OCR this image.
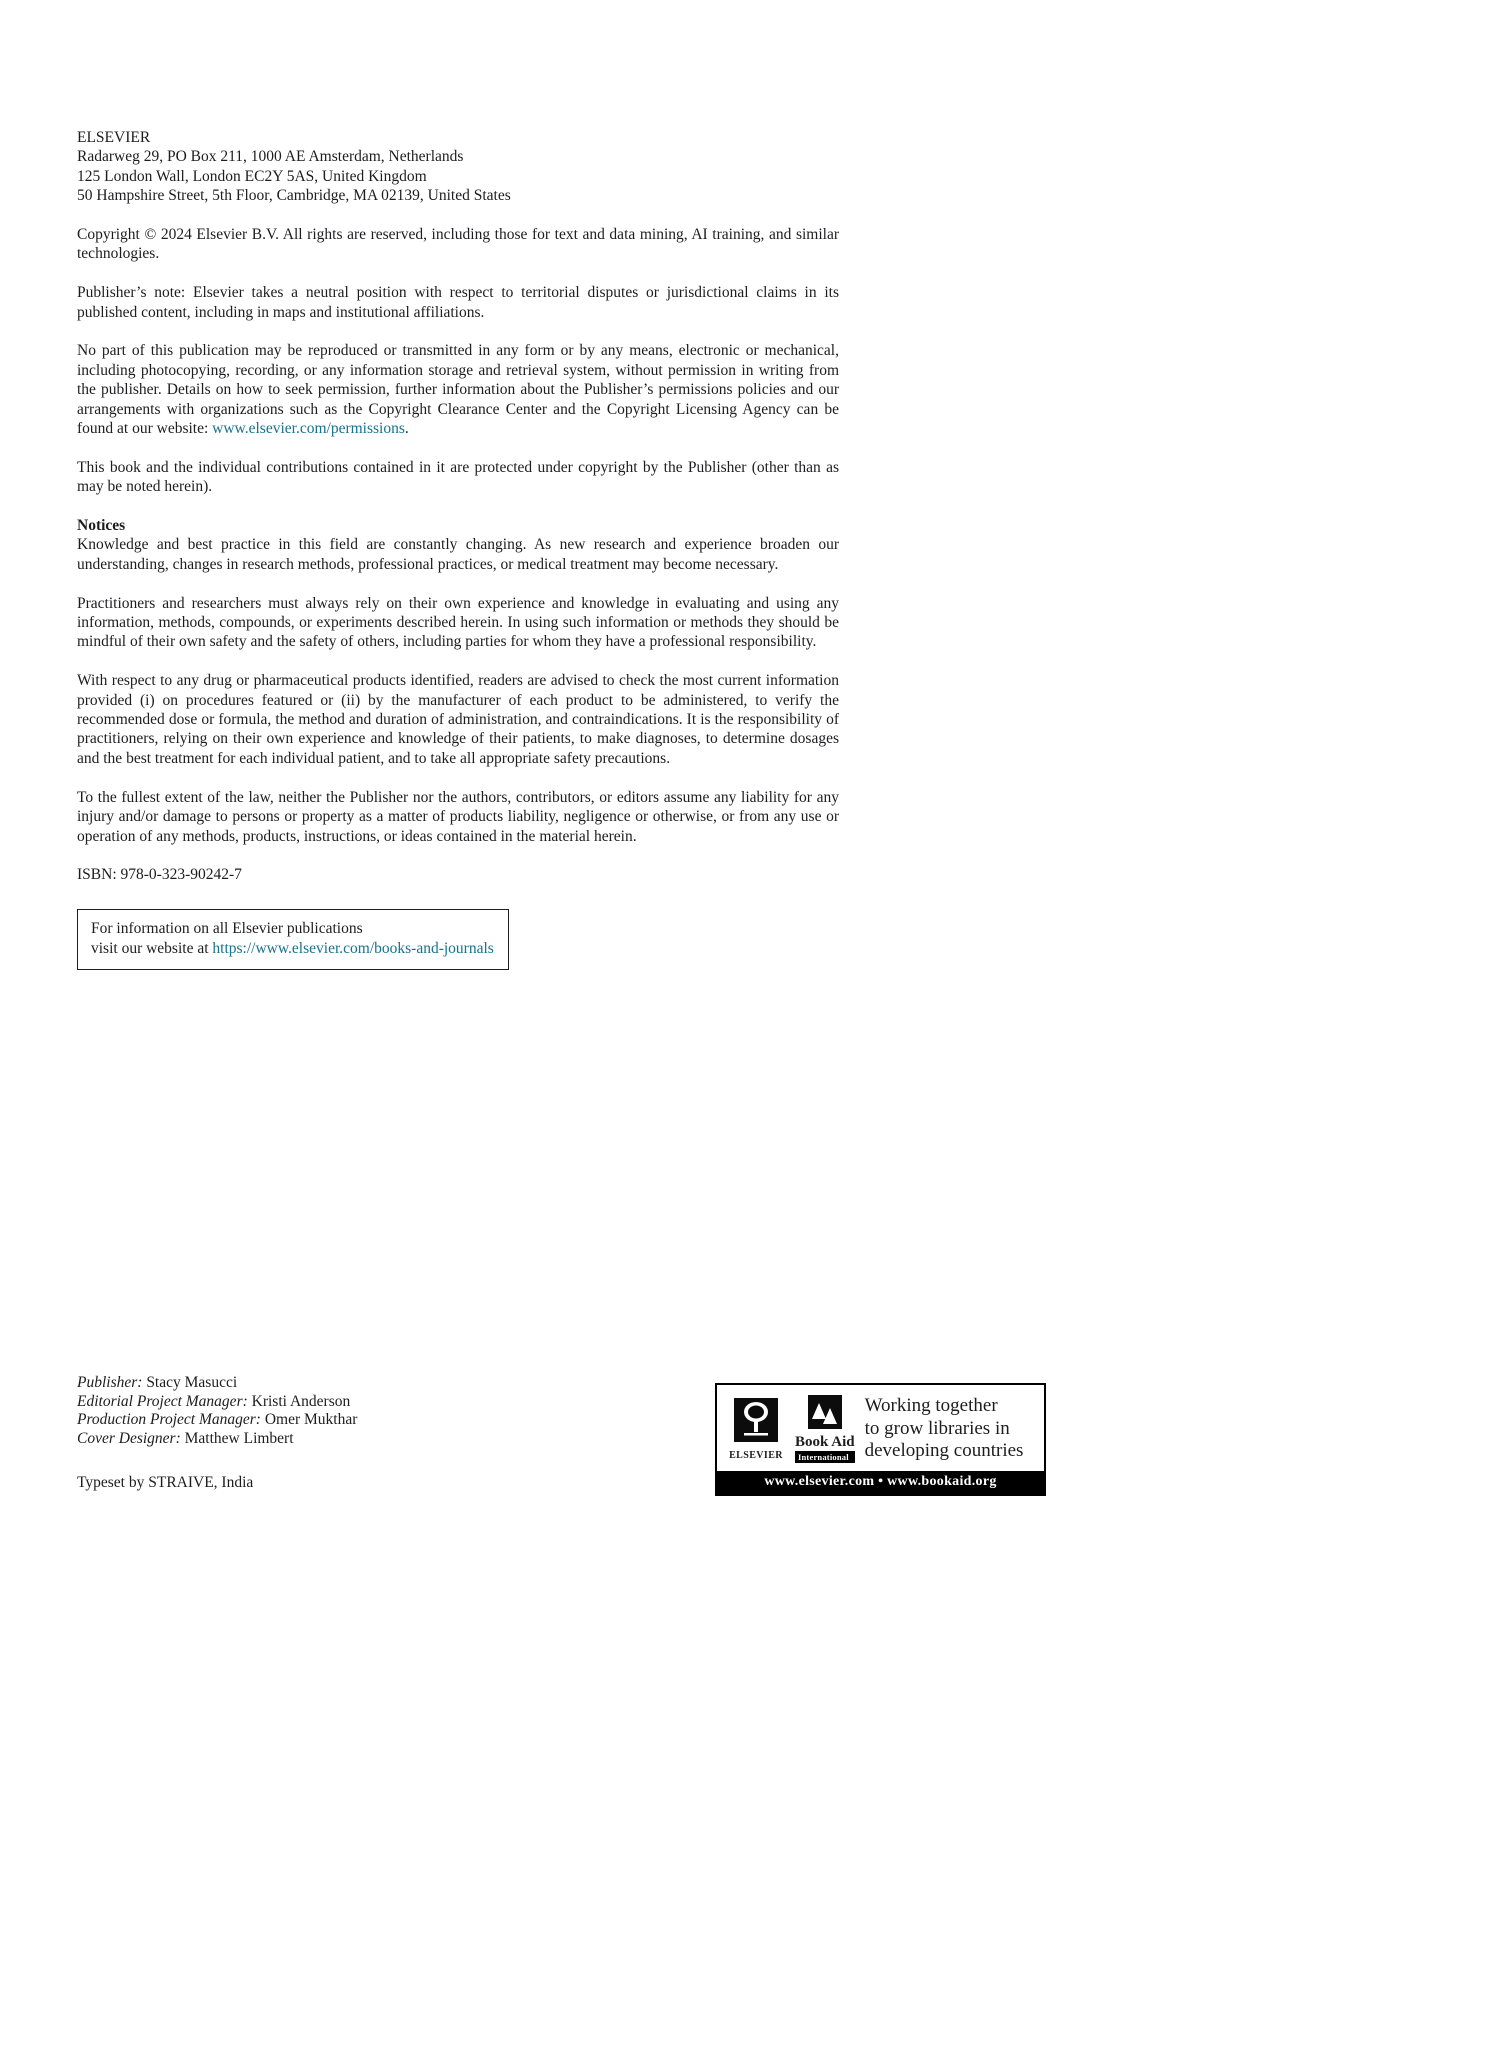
ELSEVIER
Radarweg 29, PO Box 211, 1000 AE Amsterdam, Netherlands
125 London Wall, London EC2Y 5AS, United Kingdom
50 Hampshire Street, 5th Floor, Cambridge, MA 02139, United States

Copyright © 2024 Elsevier B.V. All rights are reserved, including those for text and data mining, AI training, and similar technologies.

Publisher’s note: Elsevier takes a neutral position with respect to territorial disputes or jurisdictional claims in its published content, including in maps and institutional affiliations.

No part of this publication may be reproduced or transmitted in any form or by any means, electronic or mechanical, including photocopying, recording, or any information storage and retrieval system, without permission in writing from the publisher. Details on how to seek permission, further information about the Publisher’s permissions policies and our arrangements with organizations such as the Copyright Clearance Center and the Copyright Licensing Agency can be found at our website: www.elsevier.com/permissions.

This book and the individual contributions contained in it are protected under copyright by the Publisher (other than as may be noted herein).

Notices

Knowledge and best practice in this field are constantly changing. As new research and experience broaden our understanding, changes in research methods, professional practices, or medical treatment may become necessary.

Practitioners and researchers must always rely on their own experience and knowledge in evaluating and using any information, methods, compounds, or experiments described herein. In using such information or methods they should be mindful of their own safety and the safety of others, including parties for whom they have a professional responsibility.

With respect to any drug or pharmaceutical products identified, readers are advised to check the most current information provided (i) on procedures featured or (ii) by the manufacturer of each product to be administered, to verify the recommended dose or formula, the method and duration of administration, and contraindications. It is the responsibility of practitioners, relying on their own experience and knowledge of their patients, to make diagnoses, to determine dosages and the best treatment for each individual patient, and to take all appropriate safety precautions.

To the fullest extent of the law, neither the Publisher nor the authors, contributors, or editors assume any liability for any injury and/or damage to persons or property as a matter of products liability, negligence or otherwise, or from any use or operation of any methods, products, instructions, or ideas contained in the material herein.

ISBN: 978-0-323-90242-7

For information on all Elsevier publications
visit our website at https://www.elsevier.com/books-and-journals
Publisher: Stacy Masucci
Editorial Project Manager: Kristi Anderson
Production Project Manager: Omer Mukthar
Cover Designer: Matthew Limbert
Typeset by STRAIVE, India
ELSEVIER
Book Aid
International
Working together
to grow libraries in
developing countries
www.elsevier.com • www.bookaid.org
